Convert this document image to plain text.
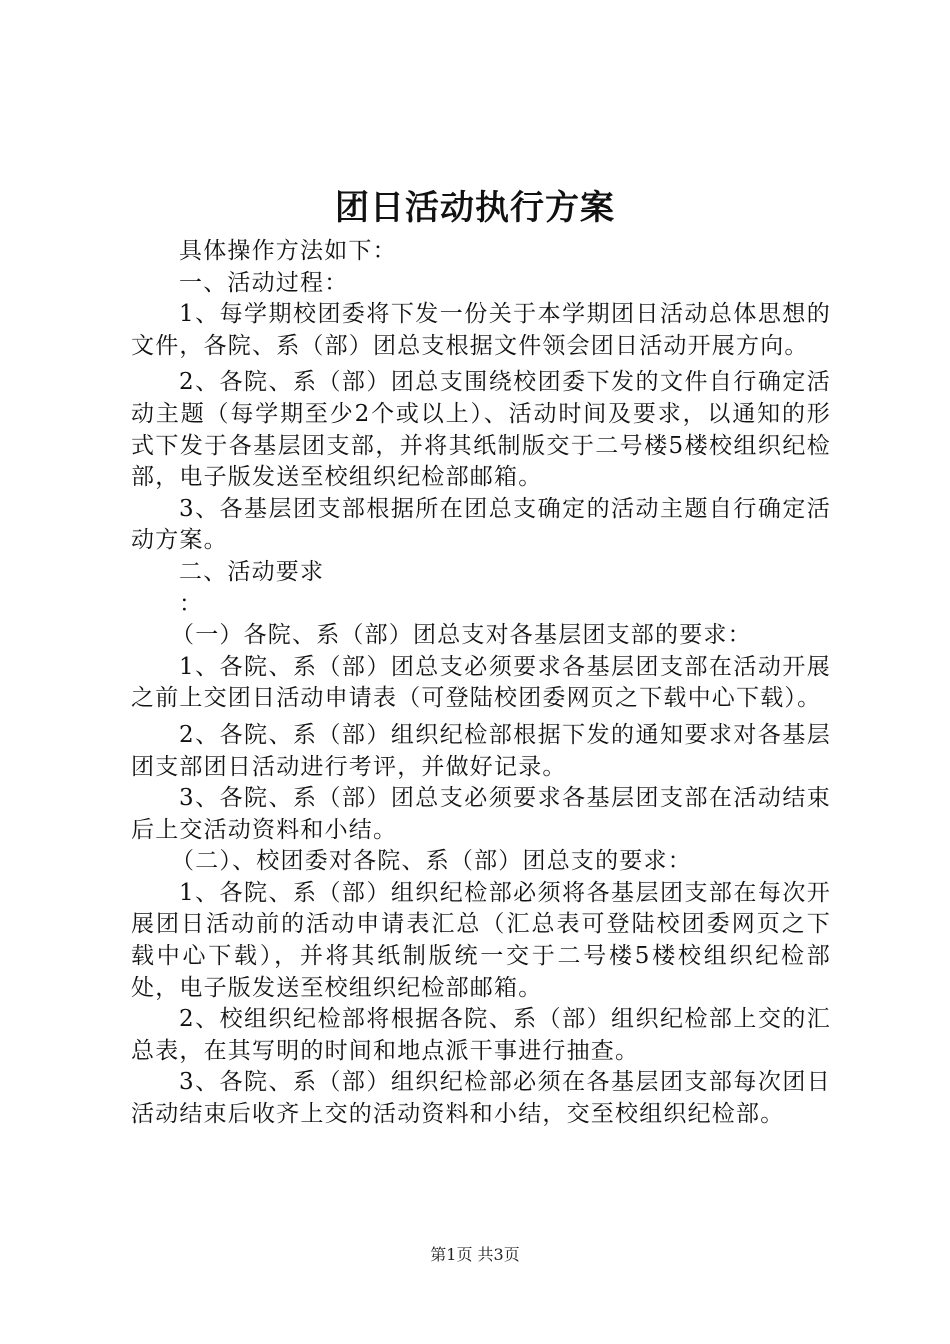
团日活动执行方案

具体操作方法如下：

一、活动过程：

1、每学期校团委将下发一份关于本学期团日活动总体思想的文件，各院、系（部）团总支根据文件领会团日活动开展方向。

2、各院、系（部）团总支围绕校团委下发的文件自行确定活动主题（每学期至少2个或以上）、活动时间及要求，以通知的形式下发于各基层团支部，并将其纸制版交于二号楼5楼校组织纪检部，电子版发送至校组织纪检部邮箱。

3、各基层团支部根据所在团总支确定的活动主题自行确定活动方案。

二、活动要求

：

（一）各院、系（部）团总支对各基层团支部的要求：

1、各院、系（部）团总支必须要求各基层团支部在活动开展之前上交团日活动申请表（可登陆校团委网页之下载中心下载）。

2、各院、系（部）组织纪检部根据下发的通知要求对各基层团支部团日活动进行考评，并做好记录。

3、各院、系（部）团总支必须要求各基层团支部在活动结束后上交活动资料和小结。

（二）、校团委对各院、系（部）团总支的要求：

1、各院、系（部）组织纪检部必须将各基层团支部在每次开展团日活动前的活动申请表汇总（汇总表可登陆校团委网页之下载中心下载），并将其纸制版统一交于二号楼5楼校组织纪检部处，电子版发送至校组织纪检部邮箱。

2、校组织纪检部将根据各院、系（部）组织纪检部上交的汇总表，在其写明的时间和地点派干事进行抽查。

3、各院、系（部）组织纪检部必须在各基层团支部每次团日活动结束后收齐上交的活动资料和小结，交至校组织纪检部。

第1页 共3页
